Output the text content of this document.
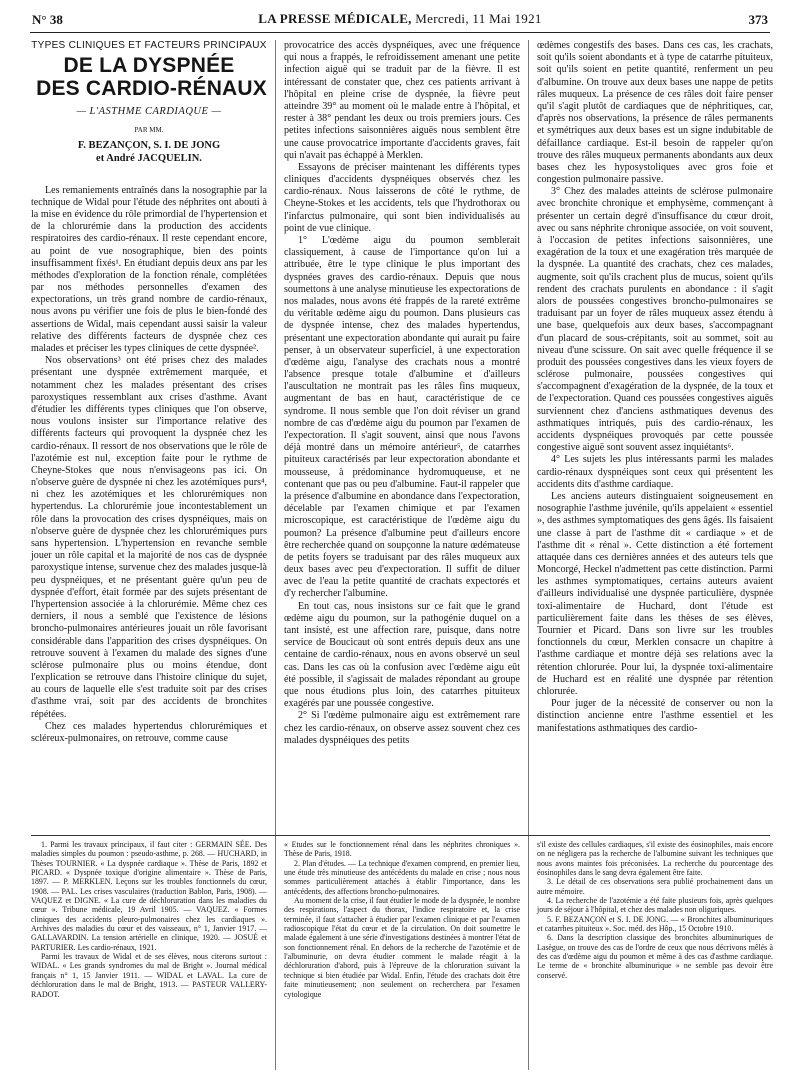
N° 38	LA PRESSE MÉDICALE, Mercredi, 11 Mai 1921	373
TYPES CLINIQUES ET FACTEURS PRINCIPAUX
DE LA DYSPNÉE
DES CARDIO-RÉNAUX
— L'ASTHME CARDIAQUE —
PAR MM.
F. BEZANÇON, S. I. DE JONG
et André JACQUELIN.

Les remaniements entraînés dans la nosographie par la technique de Widal pour l'étude des néphrites ont abouti à la mise en évidence du rôle primordial de l'hypertension et de la chlorurémie dans la production des accidents respiratoires des cardio-rénaux. Il reste cependant encore, au point de vue nosographique, bien des points insuffisamment fixés¹. En étudiant depuis deux ans par les méthodes d'exploration de la fonction rénale, complétées par nos méthodes personnelles d'examen des expectorations, un très grand nombre de cardio-rénaux, nous avons pu vérifier une fois de plus le bien-fondé des assertions de Widal, mais cependant aussi saisir la valeur relative des différents facteurs de dyspnée chez ces malades et préciser les types cliniques de cette dyspnée².

Nos observations³ ont été prises chez des malades présentant une dyspnée extrêmement marquée, et notamment chez les malades présentant des crises paroxystiques ressemblant aux crises d'asthme. Avant d'étudier les différents types cliniques que l'on observe, nous voulons insister sur l'importance relative des différents facteurs qui provoquent la dyspnée chez les cardio-rénaux. Il ressort de nos observations que le rôle de l'azotémie est nul, exception faite pour le rythme de Cheyne-Stokes que nous n'envisageons pas ici. On n'observe guère de dyspnée ni chez les azotémiques purs⁴, ni chez les azotémiques et les chlorurémiques non hypertendus. La chlorurémie joue incontestablement un rôle dans la provocation des crises dyspnéiques, mais on n'observe guère de dyspnée chez les chlorurémiques purs sans hypertension. L'hypertension en revanche semble jouer un rôle capital et la majorité de nos cas de dyspnée paroxystique intense, survenue chez des malades jusque-là peu dyspnéiques, et ne présentant guère qu'un peu de dyspnée d'effort, était formée par des sujets présentant de l'hypertension associée à la chlorurémie. Même chez ces derniers, il nous a semblé que l'existence de lésions broncho-pulmonaires antérieures jouait un rôle favorisant considérable dans l'apparition des crises dyspnéiques. On retrouve souvent à l'examen du malade des signes d'une sclérose pulmonaire plus ou moins étendue, dont l'explication se retrouve dans l'histoire clinique du sujet, au cours de laquelle elle s'est traduite soit par des crises d'asthme vrai, soit par des accidents de bronchites répétées.

Chez ces malades hypertendus chlorurémiques et scléreux-pulmonaires, on retrouve, comme cause

provocatrice des accès dyspnéiques, avec une fréquence qui nous a frappés, le refroidissement amenant une petite infection aiguë qui se traduit par de la fièvre. Il est intéressant de constater que, chez ces patients arrivant à l'hôpital en pleine crise de dyspnée, la fièvre peut atteindre 39° au moment où le malade entre à l'hôpital, et rester à 38° pendant les deux ou trois premiers jours. Ces petites infections saisonnières aiguës nous semblent être une cause provocatrice importante d'accidents graves, fait qui n'avait pas échappé à Merklen.

Essayons de préciser maintenant les différents types cliniques d'accidents dyspnéiques observés chez les cardio-rénaux. Nous laisserons de côté le rythme, de Cheyne-Stokes et les accidents, tels que l'hydrothorax ou l'infarctus pulmonaire, qui sont bien individualisés au point de vue clinique.

1° L'œdème aigu du poumon semblerait classiquement, à cause de l'importance qu'on lui a attribuée, être le type clinique le plus important des dyspnées graves des cardio-rénaux. Depuis que nous soumettons à une analyse minutieuse les expectorations de nos malades, nous avons été frappés de la rareté extrême du véritable œdème aigu du poumon. Dans plusieurs cas de dyspnée intense, chez des malades hypertendus, présentant une expectoration abondante qui aurait pu faire penser, à un observateur superficiel, à une expectoration d'œdème aigu, l'analyse des crachats nous a montré l'absence presque totale d'albumine et d'ailleurs l'auscultation ne montrait pas les râles fins muqueux, augmentant de bas en haut, caractéristique de ce syndrome. Il nous semble que l'on doit réviser un grand nombre de cas d'œdème aigu du poumon par l'examen de l'expectoration. Il s'agit souvent, ainsi que nous l'avons déjà montré dans un mémoire antérieur⁵, de catarrhes pituiteux caractérisés par leur expectoration abondante et mousseuse, à prédominance hydromuqueuse, et ne contenant que pas ou peu d'albumine. Faut-il rappeler que la présence d'albumine en abondance dans l'expectoration, décelable par l'examen chimique et par l'examen microscopique, est caractéristique de l'œdème aigu du poumon? La présence d'albumine peut d'ailleurs encore être recherchée quand on soupçonne la nature œdémateuse de petits foyers se traduisant par des râles muqueux aux deux bases avec peu d'expectoration. Il suffit de diluer avec de l'eau la petite quantité de crachats expectorés et d'y rechercher l'albumine.

En tout cas, nous insistons sur ce fait que le grand œdème aigu du poumon, sur la pathogénie duquel on a tant insisté, est une affection rare, puisque, dans notre service de Boucicaut où sont entrés depuis deux ans une centaine de cardio-rénaux, nous en avons observé un seul cas. Dans les cas où la confusion avec l'œdème aigu eût été possible, il s'agissait de malades répondant au groupe que nous étudions plus loin, des catarrhes pituiteux exagérés par une poussée congestive.

2° Si l'œdème pulmonaire aigu est extrêmement rare chez les cardio-rénaux, on observe assez souvent chez ces malades dyspnéiques des petits

œdèmes congestifs des bases. Dans ces cas, les crachats, soit qu'ils soient abondants et à type de catarrhe pituiteux, soit qu'ils soient en petite quantité, renferment un peu d'albumine. On trouve aux deux bases une nappe de petits râles muqueux. La présence de ces râles doit faire penser qu'il s'agit plutôt de cardiaques que de néphritiques, car, d'après nos observations, la présence de râles permanents et symétriques aux deux bases est un signe indubitable de défaillance cardiaque. Est-il besoin de rappeler qu'on trouve des râles muqueux permanents abondants aux deux bases chez les hyposystoliques avec gros foie et congestion pulmonaire passive.

3° Chez des malades atteints de sclérose pulmonaire avec bronchite chronique et emphysème, commençant à présenter un certain degré d'insuffisance du cœur droit, avec ou sans néphrite chronique associée, on voit souvent, à l'occasion de petites infections saisonnières, une exagération de la toux et une exagération très marquée de la dyspnée. La quantité des crachats, chez ces malades, augmente, soit qu'ils crachent plus de mucus, soient qu'ils rendent des crachats purulents en abondance : il s'agit alors de poussées congestives broncho-pulmonaires se traduisant par un foyer de râles muqueux assez étendu à une base, quelquefois aux deux bases, s'accompagnant d'un placard de sous-crépitants, soit au sommet, soit au niveau d'une scissure. On sait avec quelle fréquence il se produit des poussées congestives dans les vieux foyers de sclérose pulmonaire, poussées congestives qui s'accompagnent d'exagération de la dyspnée, de la toux et de l'expectoration. Quand ces poussées congestives aiguës surviennent chez d'anciens asthmatiques devenus des asthmatiques intriqués, puis des cardio-rénaux, les accidents dyspnéiques provoqués par cette poussée congestive aiguë sont souvent assez inquiétants⁶.

4° Les sujets les plus intéressants parmi les malades cardio-rénaux dyspnéiques sont ceux qui présentent les accidents dits d'asthme cardiaque.

Les anciens auteurs distinguaient soigneusement en nosographie l'asthme juvénile, qu'ils appelaient « essentiel », des asthmes symptomatiques des gens âgés. Ils faisaient une classe à part de l'asthme dit « cardiaque » et de l'asthme dit « rénal ». Cette distinction a été fortement attaquée dans ces dernières années et des auteurs tels que Moncorgé, Heckel n'admettent pas cette distinction. Parmi les asthmes symptomatiques, certains auteurs avaient d'ailleurs individualisé une dyspnée particulière, dyspnée toxi-alimentaire de Huchard, dont l'étude est particulièrement faite dans les thèses de ses élèves, Tournier et Picard. Dans son livre sur les troubles fonctionnels du cœur, Merklen consacre un chapitre à l'asthme cardiaque et montre déjà ses relations avec la rétention chlorurée. Pour lui, la dyspnée toxi-alimentaire de Huchard est en réalité une dyspnée par rétention chlorurée.

Pour juger de la nécessité de conserver ou non la distinction ancienne entre l'asthme essentiel et les manifestations asthmatiques des cardio-

1. Parmi les travaux principaux, il faut citer : GERMAIN SÉE. Des maladies simples du poumon : pseudo-asthme, p. 268. — HUCHARD, in Thèses TOURNIER. « La dyspnée cardiaque ». Thèse de Paris, 1892 et PICARD. « Dyspnée toxique d'origine alimentaire ». Thèse de Paris, 1897. — P. MERKLEN. Leçons sur les troubles fonctionnels du cœur, 1908. — PAL. Les crises vasculaires (traduction Bablon, Paris, 1908). — VAQUEZ et DIGNE. « La cure de déchloruration dans les maladies du cœur ». Tribune médicale, 19 Avril 1905. — VAQUEZ. « Formes cliniques des accidents pleuro-pulmonaires chez les cardiaques ». Archives des maladies du cœur et des vaisseaux, n° 1, Janvier 1917. — GALLAVARDIN. La tension artérielle en clinique, 1920. — JOSUÉ et PARTURIER. Les cardio-rénaux, 1921.

Parmi les travaux de Widal et de ses élèves, nous citerons surtout : WIDAL. « Les grands syndromes du mal de Bright ». Journal médical français n° 1, 15 Janvier 1911. — WIDAL et LAVAL. La cure de déchloruration dans le mal de Bright, 1913. — PASTEUR VALLERY-RADOT.

« Etudes sur le fonctionnement rénal dans les néphrites chroniques ». Thèse de Paris, 1918.

2. Plan d'études. — La technique d'examen comprend, en premier lieu, une étude très minutieuse des antécédents du malade en crise ; nous nous sommes particulièrement attachés à établir l'importance, dans les antécédents, des affections broncho-pulmonaires.

Au moment de la crise, il faut étudier le mode de la dyspnée, le nombre des respirations, l'aspect du thorax, l'indice respiratoire et, la crise terminée, il faut s'attacher à étudier par l'examen clinique et par l'examen radioscopique l'état du cœur et de la circulation. On doit soumettre le malade également à une série d'investigations destinées à montrer l'état de son fonctionnement rénal. En dehors de la recherche de l'azotémie et de l'albuminurie, on devra étudier comment le malade réagit à la déchloruration d'abord, puis à l'épreuve de la chloruration suivant la technique si bien étudiée par Widal. Enfin, l'étude des crachats doit être faite minutieusement; non seulement on recherchera par l'examen cytologique

s'il existe des cellules cardiaques, s'il existe des éosinophiles, mais encore on ne négligera pas la recherche de l'albumine suivant les techniques que nous avons maintes fois préconisées. La recherche du pourcentage des éosinophiles dans le sang devra également être faite.

3. Le détail de ces observations sera publié prochainement dans un autre mémoire.

4. La recherche de l'azotémie a été faite plusieurs fois, après quelques jours de séjour à l'hôpital, et chez des malades non oliguriques.

5. F. BEZANÇON et S. I. DE JONG. — « Bronchites albuminuriques et catarrhes pituiteux ». Soc. méd. des Hôp., 15 Octobre 1910.

6. Dans la description classique des bronchites albuminuriques de Lasègue, on trouve des cas de l'ordre de ceux que nous décrivons mêlés à des cas d'œdème aigu du poumon et même à des cas d'asthme cardiaque. Le terme de « bronchite albuminurique » ne semble pas devoir être conservé.
